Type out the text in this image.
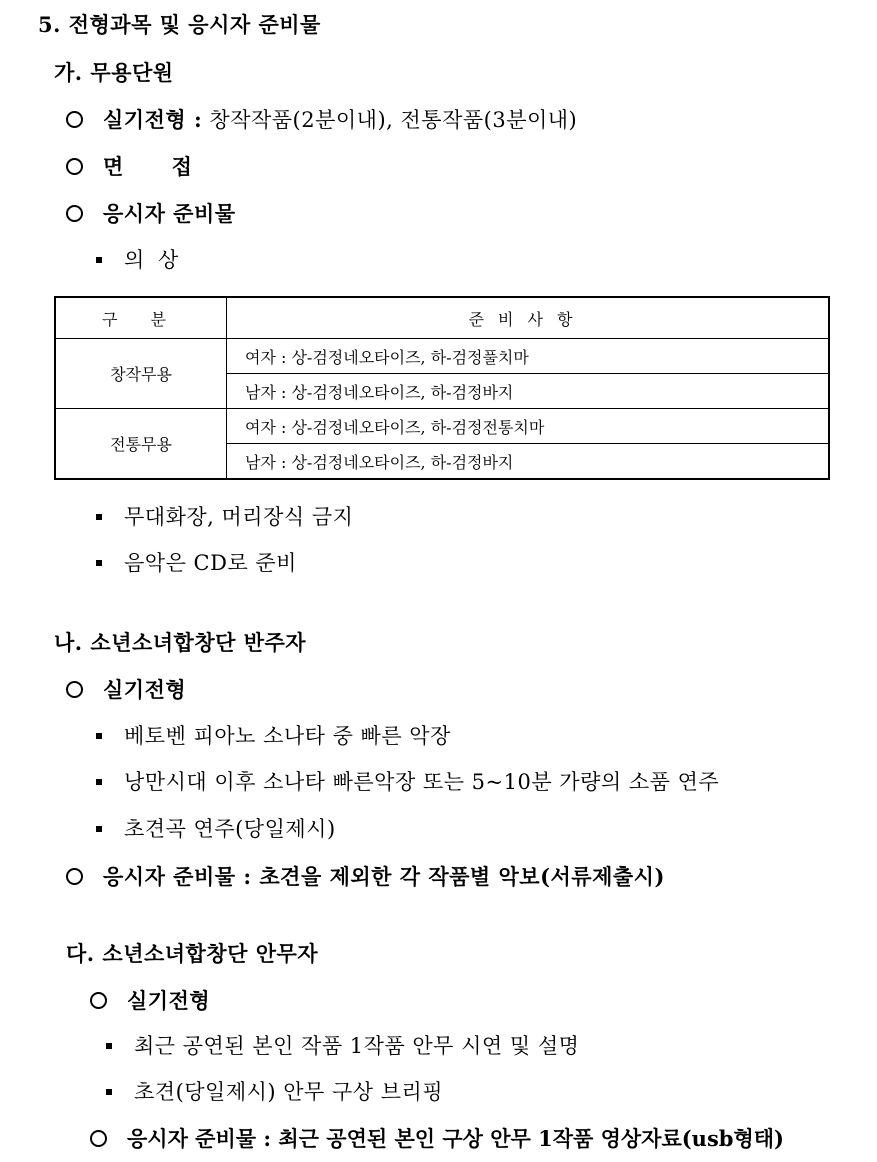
5. 전형과목 및 응시자 준비물
가. 무용단원
실기전형 : 창작작품(2분이내), 전통작품(3분이내)
면 접
응시자 준비물
의 상
구 분	준비사항
창작무용	여자 : 상-검정네오타이즈, 하-검정풀치마
	남자 : 상-검정네오타이즈, 하-검정바지
전통무용	여자 : 상-검정네오타이즈, 하-검정전통치마
	남자 : 상-검정네오타이즈, 하-검정바지
무대화장, 머리장식 금지
음악은 CD로 준비
나. 소년소녀합창단 반주자
실기전형
베토벤 피아노 소나타 중 빠른 악장
낭만시대 이후 소나타 빠른악장 또는 5~10분 가량의 소품 연주
초견곡 연주(당일제시)
응시자 준비물 : 초견을 제외한 각 작품별 악보(서류제출시)
다. 소년소녀합창단 안무자
실기전형
최근 공연된 본인 작품 1작품 안무 시연 및 설명
초견(당일제시) 안무 구상 브리핑
응시자 준비물 : 최근 공연된 본인 구상 안무 1작품 영상자료(usb형태)
